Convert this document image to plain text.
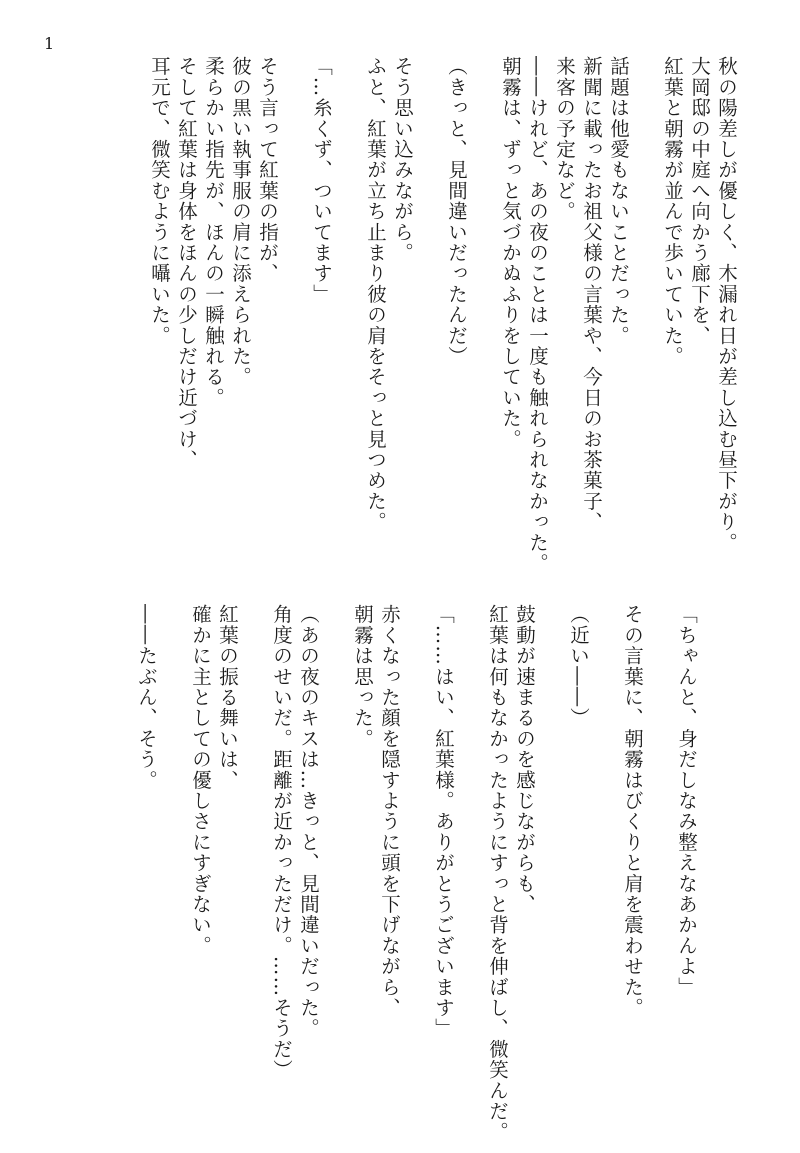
1
秋の陽差しが優しく、木漏れ日が差し込む昼下がり。
大岡邸の中庭へ向かう廊下を、
紅葉と朝霧が並んで歩いていた。

話題は他愛もないことだった。
新聞に載ったお祖父様の言葉や、今日のお茶菓子、
来客の予定など。
――けれど、あの夜のことは一度も触れられなかった。
朝霧は、ずっと気づかぬふりをしていた。

（きっと、見間違いだったんだ）

そう思い込みながら。
ふと、紅葉が立ち止まり彼の肩をそっと見つめた。

「…糸くず、ついてます」

そう言って紅葉の指が、
彼の黒い執事服の肩に添えられた。
柔らかい指先が、ほんの一瞬触れる。
そして紅葉は身体をほんの少しだけ近づけ、
耳元で、微笑むように囁いた。
「ちゃんと、身だしなみ整えなあかんよ」

その言葉に、朝霧はびくりと肩を震わせた。

（近い――）

鼓動が速まるのを感じながらも、
紅葉は何もなかったようにすっと背を伸ばし、微笑んだ。

「……はい、紅葉様。ありがとうございます」

赤くなった顔を隠すように頭を下げながら、
朝霧は思った。

（あの夜のキスは…きっと、見間違いだった。
角度のせいだ。距離が近かっただけ。……そうだ）

紅葉の振る舞いは、
確かに主としての優しさにすぎない。

――たぶん、そう。
